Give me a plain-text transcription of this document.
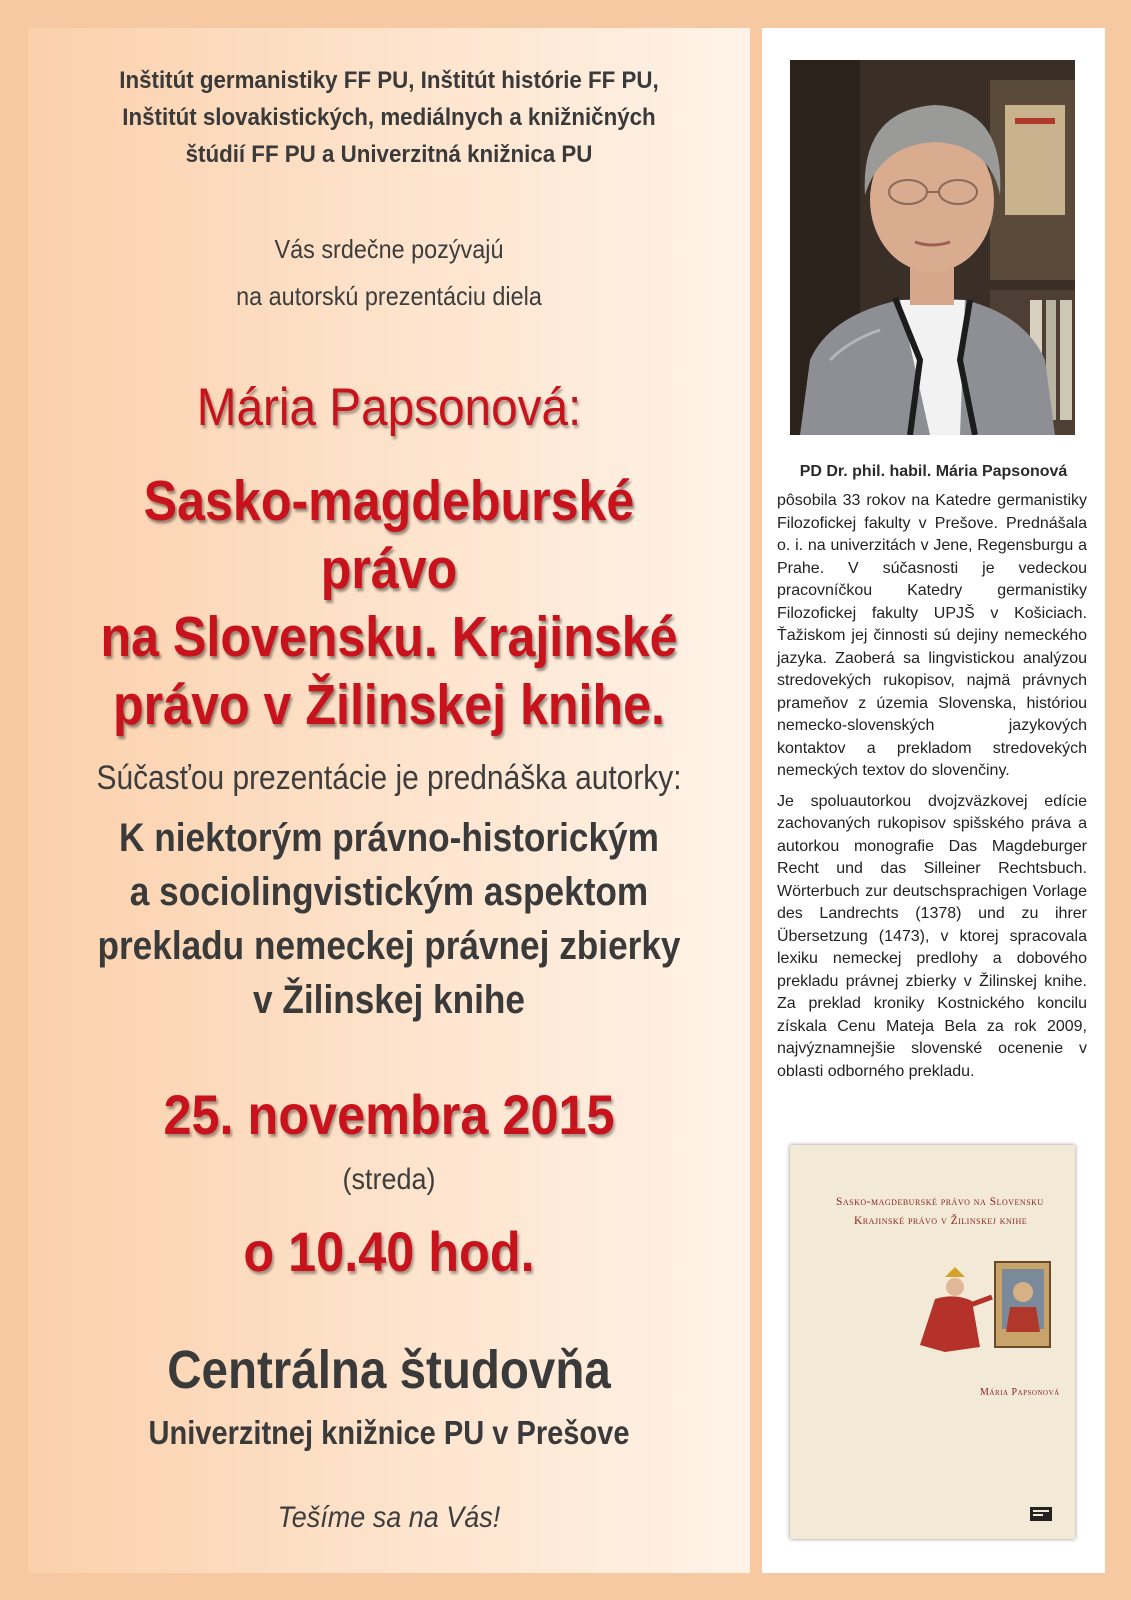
Inštitút germanistiky FF PU, Inštitút histórie FF PU,
Inštitút slovakistických, mediálnych a knižničných
štúdií FF PU a Univerzitná knižnica PU

Vás srdečne pozývajú

na autorskú prezentáciu diela

Mária Papsonová:

Sasko-magdeburské právo
na Slovensku. Krajinské
právo v Žilinskej knihe.

Súčasťou prezentácie je prednáška autorky:

K niektorým právno-historickým
a sociolingvistickým aspektom
prekladu nemeckej právnej zbierky
v Žilinskej knihe

25. novembra 2015

(streda)

o 10.40 hod.

Centrálna študovňa

Univerzitnej knižnice PU v Prešove

Tešíme sa na Vás!

PD Dr. phil. habil. Mária Papsonová

pôsobila 33 rokov na Katedre germanistiky Filozofickej fakulty v Prešove. Prednášala o. i. na univerzitách v Jene, Regensburgu a Prahe. V súčasnosti je vedeckou pracovníčkou Katedry germanistiky Filozofickej fakulty UPJŠ v Košiciach. Ťažiskom jej činnosti sú dejiny nemeckého jazyka. Zaoberá sa lingvistickou analýzou stredovekých rukopisov, najmä právnych prameňov z územia Slovenska, históriou nemecko-slovenských jazykových kontaktov a prekladom stredovekých nemeckých textov do slovenčiny.

Je spoluautorkou dvojzväzkovej edície zachovaných rukopisov spišského práva a autorkou monografie Das Magdeburger Recht und das Silleiner Rechtsbuch. Wörterbuch zur deutschsprachigen Vorlage des Landrechts (1378) und zu ihrer Übersetzung (1473), v ktorej spracovala lexiku nemeckej predlohy a dobového prekladu právnej zbierky v Žilinskej knihe. Za preklad kroniky Kostnického koncilu získala Cenu Mateja Bela za rok 2009, najvýznamnejšie slovenské ocenenie v oblasti odborného prekladu.

Sasko-magdeburské právo na Slovensku
Krajinské právo v Žilinskej knihe
6

Mária Papsonová
